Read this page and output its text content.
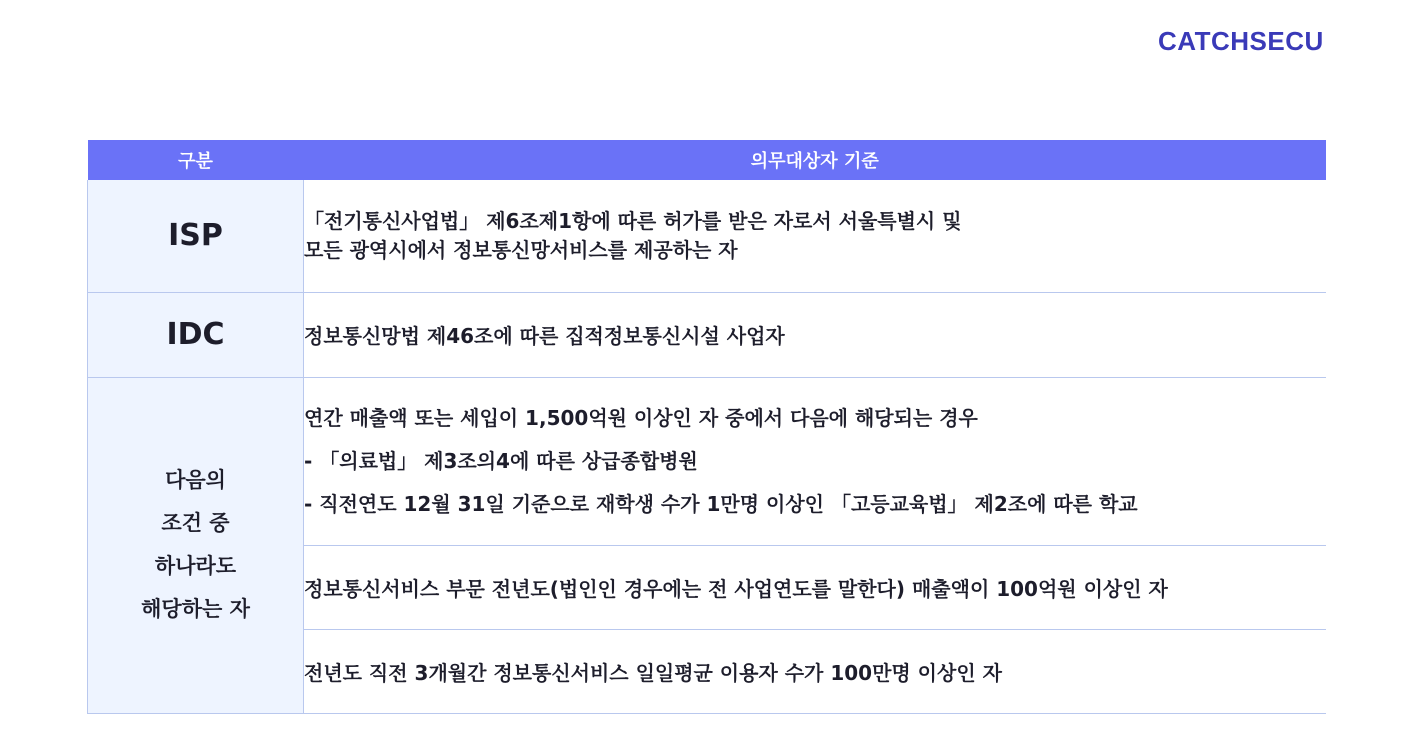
CATCHSECU
구분	의무대상자 기준
ISP	「전기통신사업법」 제6조제1항에 따른 허가를 받은 자로서 서울특별시 및
모든 광역시에서 정보통신망서비스를 제공하는 자

IDC	정보통신망법 제46조에 따른 집적정보통신시설 사업자

다음의
조건 중
하나라도
해당하는 자	연간 매출액 또는 세입이 1,500억원 이상인 자 중에서 다음에 해당되는 경우
- 「의료법」 제3조의4에 따른 상급종합병원
- 직전연도 12월 31일 기준으로 재학생 수가 1만명 이상인 「고등교육법」 제2조에 따른 학교

	정보통신서비스 부문 전년도(법인인 경우에는 전 사업연도를 말한다) 매출액이 100억원 이상인 자
	전년도 직전 3개월간 정보통신서비스 일일평균 이용자 수가 100만명 이상인 자
